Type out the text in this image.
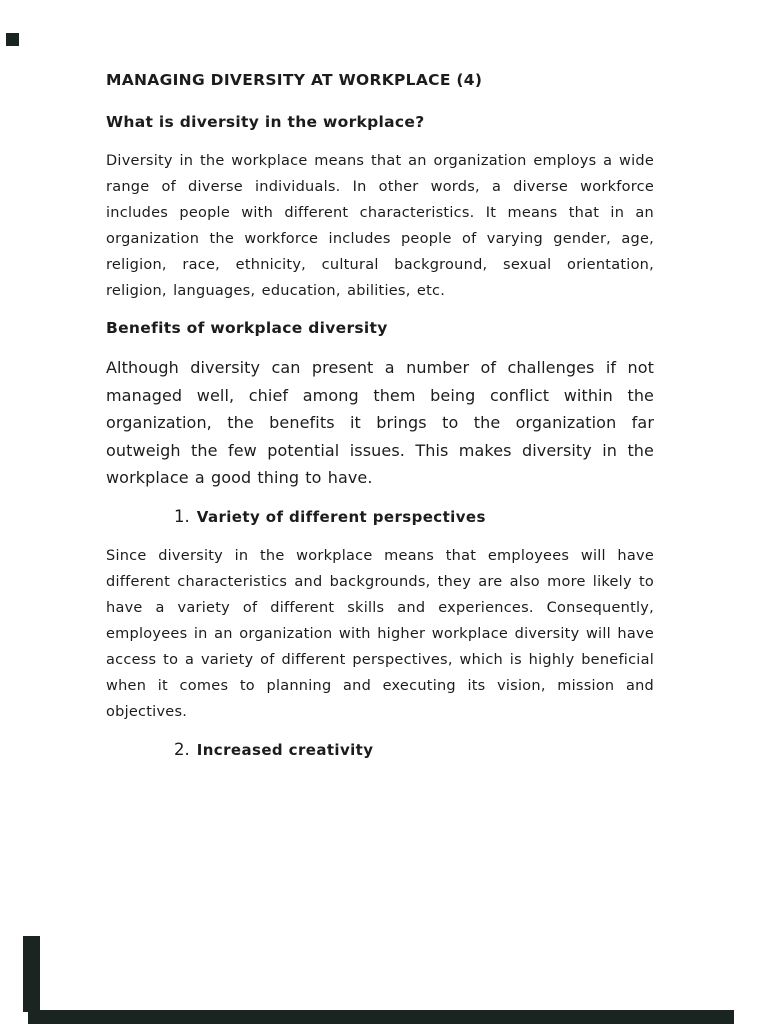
MANAGING DIVERSITY AT WORKPLACE (4)
What is diversity in the workplace?

Diversity in the workplace means that an organization employs a wide range of diverse individuals. In other words, a diverse workforce includes people with different characteristics. It means that in an organization the workforce includes people of varying gender, age, religion, race, ethnicity, cultural background, sexual orientation, religion, languages, education, abilities, etc.

Benefits of workplace diversity

Although diversity can present a number of challenges if not managed well, chief among them being conflict within the organization, the benefits it brings to the organization far outweigh the few potential issues. This makes diversity in the workplace a good thing to have.

1. Variety of different perspectives

Since diversity in the workplace means that employees will have different characteristics and backgrounds, they are also more likely to have a variety of different skills and experiences. Consequently, employees in an organization with higher workplace diversity will have access to a variety of different perspectives, which is highly beneficial when it comes to planning and executing its vision, mission and objectives.

2. Increased creativity
